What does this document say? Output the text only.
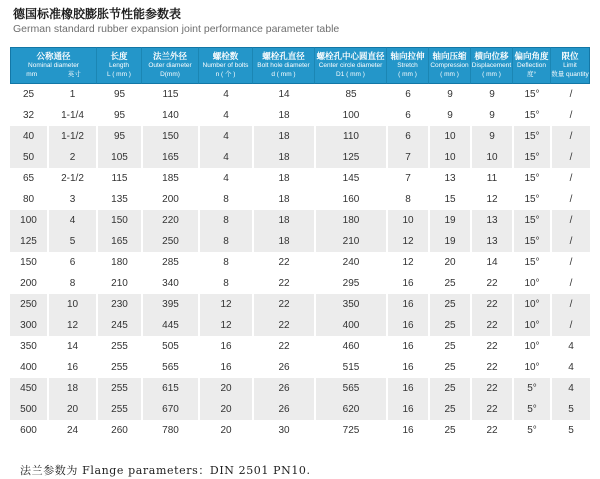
德国标准橡胶膨胀节性能参数表

German standard rubber expansion joint performance parameter table

公称通径
Nominal diameter
mm	英寸

长度
Length
L ( mm )

法兰外径
Outer diameter
D(mm)

螺栓数
Number of bolts
n ( 个 )

螺栓孔直径
Bolt hole diameter
d ( mm )

螺栓孔中心圆直径
Center circle diameter
D1 ( mm )

轴向拉伸
Stretch
( mm )

轴向压缩
Compression
( mm )

横向位移
Displacement
( mm )

偏向角度
Deflection
度°

限位
Limit
数量 quantity

25	1	95	115	4	14	85	6	9	9	15°	/
32	1-1/4	95	140	4	18	100	6	9	9	15°	/
40	1-1/2	95	150	4	18	110	6	10	9	15°	/
50	2	105	165	4	18	125	7	10	10	15°	/
65	2-1/2	115	185	4	18	145	7	13	11	15°	/
80	3	135	200	8	18	160	8	15	12	15°	/
100	4	150	220	8	18	180	10	19	13	15°	/
125	5	165	250	8	18	210	12	19	13	15°	/
150	6	180	285	8	22	240	12	20	14	15°	/
200	8	210	340	8	22	295	16	25	22	10°	/
250	10	230	395	12	22	350	16	25	22	10°	/
300	12	245	445	12	22	400	16	25	22	10°	/
350	14	255	505	16	22	460	16	25	22	10°	4
400	16	255	565	16	26	515	16	25	22	10°	4
450	18	255	615	20	26	565	16	25	22	5°	4
500	20	255	670	20	26	620	16	25	22	5°	5
600	24	260	780	20	30	725	16	25	22	5°	5

法兰参数为 Flange parameters：DIN 2501 PN10.
